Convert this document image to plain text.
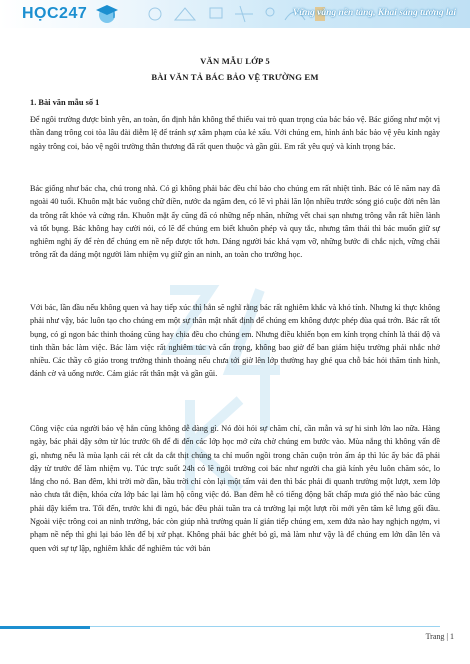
HỌC247	Vững vàng nền tảng, Khai sáng tương lai
VĂN MẪU LỚP 5
BÀI VĂN TẢ BÁC BẢO VỆ TRƯỜNG EM
1. Bài văn mẫu số 1

Để ngôi trường được bình yên, an toàn, ổn định hẳn không thể thiếu vai trò quan trọng của bác bảo vệ. Bác giống như một vị thần đang trông coi tòa lâu đài diễm lệ để tránh sự xâm phạm của kẻ xấu. Với chúng em, hình ảnh bác bảo vệ yêu kính ngày ngày trông coi, bảo vệ ngôi trường thân thương đã rất quen thuộc và gần gũi. Em rất yêu quý và kính trọng bác.

Bác giống như bác cha, chú trong nhà. Có gì không phải bác đều chỉ bảo cho chúng em rất nhiệt tình. Bác có lẽ năm nay đã ngoài 40 tuổi. Khuôn mặt bác vuông chữ điền, nước da ngăm đen, có lẽ vì phải lăn lộn nhiều trước sóng gió cuộc đời nên làn da trông rất khỏe và cứng rắn. Khuôn mặt ấy cũng đã có những nếp nhăn, những vết chai sạn nhưng trông vẫn rất hiền lành và tốt bụng. Bác không hay cười nói, có lẽ để chúng em biết khuôn phép và quy tắc, nhưng tâm thái thì bác muốn giữ sự nghiêm nghị ấy để rèn để chúng em nề nếp được tốt hơn. Dáng người bác khá vạm vỡ, những bước đi chắc nịch, vững chãi trông rất đa dáng một người làm nhiệm vụ giữ gìn an ninh, an toàn cho trường học.

Với bác, lần đầu nếu không quen và hay tiếp xúc thì hẳn sẽ nghĩ rằng bác rất nghiêm khắc và khó tính. Nhưng kì thực không phải như vậy, bác luôn tạo cho chúng em một sự thân mật nhất định để chúng em không được phép đùa quá trớn. Bác rất tốt bụng, có gì ngon bác thinh thoảng cũng hay chia đều cho chúng em. Nhưng điều khiến bọn em kính trọng chính là thái độ và tinh thần bác làm việc. Bác làm việc rất nghiêm túc và cẩn trọng, không bao giờ để ban giám hiệu trường phải nhắc nhở nhiều. Các thầy cô giáo trong trường thinh thoảng nếu chưa tới giờ lên lớp thường hay ghé qua chỗ bác hỏi thăm tình hình, đánh cờ và uống nước. Cảm giác rất thân mật và gần gũi.

Công việc của người bảo vệ hẳn cũng không dễ dàng gì. Nó đòi hỏi sự chăm chỉ, cần mẫn và sự hi sinh lớn lao nữa. Hàng ngày, bác phải dậy sớm từ lúc trước 6h để đi đến các lớp học mở cửa chờ chúng em bước vào. Mùa nắng thì không vấn đề gì, nhưng nếu là mùa lạnh cái rét cắt da cắt thịt chúng ta chỉ muốn ngồi trong chăn cuộn tròn ấm áp thì lúc ấy bác đã phải dậy từ trước để làm nhiệm vụ. Túc trực suốt 24h có lẽ ngôi trường coi bác như người cha già kính yêu luôn chăm sóc, lo lắng cho nó. Ban đêm, khi trời mờ dần, bầu trời chỉ còn lại một tấm vải đen thì bác phải đi quanh trường một lượt, xem lớp nào chưa tắt điện, khóa cửa lớp bác lại làm hộ công việc đó. Ban đêm hễ có tiếng động bất chấp mưa gió thế nào bác cũng phải dậy kiểm tra. Tối đến, trước khi đi ngủ, bác đều phải tuần tra cả trường lại một lượt rồi mới yên tâm kê lưng gối đầu. Ngoài việc trông coi an ninh trường, bác còn giúp nhà trường quản lí gián tiếp chúng em, xem đứa nào hay nghịch ngợm, vi phạm nề nếp thì ghi lại báo lên để bị xử phạt. Không phải bác ghét bỏ gì, mà làm như vậy là để chúng em lớn dần lên và quen với sự tự lập, nghiêm khắc để nghiêm túc với bản

Trang | 1
